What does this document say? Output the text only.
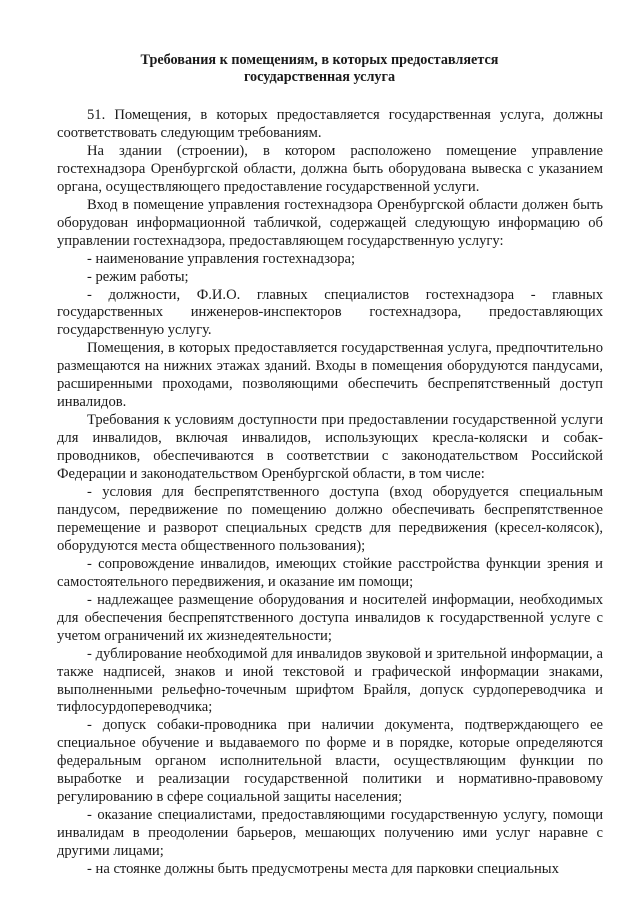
Требования к помещениям, в которых предоставляется
государственная услуга

51. Помещения, в которых предоставляется государственная услуга, должны соответствовать следующим требованиям.

На здании (строении), в котором расположено помещение управление гостехнадзора Оренбургской области, должна быть оборудована вывеска с указанием органа, осуществляющего предоставление государственной услуги.

Вход в помещение управления гостехнадзора Оренбургской области должен быть оборудован информационной табличкой, содержащей следующую информацию об управлении гостехнадзора, предоставляющем государственную услугу:

- наименование управления гостехнадзора;

- режим работы;

- должности, Ф.И.О. главных специалистов гостехнадзора - главных государственных инженеров-инспекторов гостехнадзора, предоставляющих государственную услугу.

Помещения, в которых предоставляется государственная услуга, предпочтительно размещаются на нижних этажах зданий. Входы в помещения оборудуются пандусами, расширенными проходами, позволяющими обеспечить беспрепятственный доступ инвалидов.

Требования к условиям доступности при предоставлении государственной услуги для инвалидов, включая инвалидов, использующих кресла-коляски и собак-проводников, обеспечиваются в соответствии с законодательством Российской Федерации и законодательством Оренбургской области, в том числе:

- условия для беспрепятственного доступа (вход оборудуется специальным пандусом, передвижение по помещению должно обеспечивать беспрепятственное перемещение и разворот специальных средств для передвижения (кресел-колясок), оборудуются места общественного пользования);

- сопровождение инвалидов, имеющих стойкие расстройства функции зрения и самостоятельного передвижения, и оказание им помощи;

- надлежащее размещение оборудования и носителей информации, необходимых для обеспечения беспрепятственного доступа инвалидов к государственной услуге с учетом ограничений их жизнедеятельности;

- дублирование необходимой для инвалидов звуковой и зрительной информации, а также надписей, знаков и иной текстовой и графической информации знаками, выполненными рельефно-точечным шрифтом Брайля, допуск сурдопереводчика и тифлосурдопереводчика;

- допуск собаки-проводника при наличии документа, подтверждающего ее специальное обучение и выдаваемого по форме и в порядке, которые определяются федеральным органом исполнительной власти, осуществляющим функции по выработке и реализации государственной политики и нормативно-правовому регулированию в сфере социальной защиты населения;

- оказание специалистами, предоставляющими государственную услугу, помощи инвалидам в преодолении барьеров, мешающих получению ими услуг наравне с другими лицами;

- на стоянке должны быть предусмотрены места для парковки специальных
